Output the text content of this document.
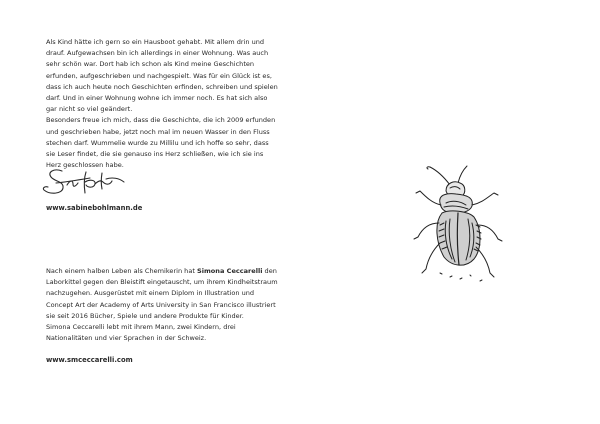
Als Kind hätte ich gern so ein Hausboot gehabt. Mit allem drin und drauf. Aufgewachsen bin ich allerdings in einer Wohnung. Was auch sehr schön war. Dort hab ich schon als Kind meine Geschichten erfunden, aufgeschrieben und nachgespielt. Was für ein Glück ist es, dass ich auch heute noch Geschichten erfinden, schreiben und spielen darf. Und in einer Wohnung wohne ich immer noch. Es hat sich also gar nicht so viel geändert.

Besonders freue ich mich, dass die Geschichte, die ich 2009 erfunden und geschrieben habe, jetzt noch mal im neuen Wasser in den Fluss stechen darf. Wummelie wurde zu Millilu und ich hoffe so sehr, dass sie Leser findet, die sie genauso ins Herz schließen, wie ich sie ins Herz geschlossen habe.

www.sabinebohlmann.de

Nach einem halben Leben als Chemikerin hat Simona Ceccarelli den Laborkittel gegen den Bleistift eingetauscht, um ihrem Kindheitstraum nachzugehen. Ausgerüstet mit einem Diplom in Illustration und Concept Art der Academy of Arts University in San Francisco illustriert sie seit 2016 Bücher, Spiele und andere Produkte für Kinder.

Simona Ceccarelli lebt mit ihrem Mann, zwei Kindern, drei Nationalitäten und vier Sprachen in der Schweiz.

www.smceccarelli.com
